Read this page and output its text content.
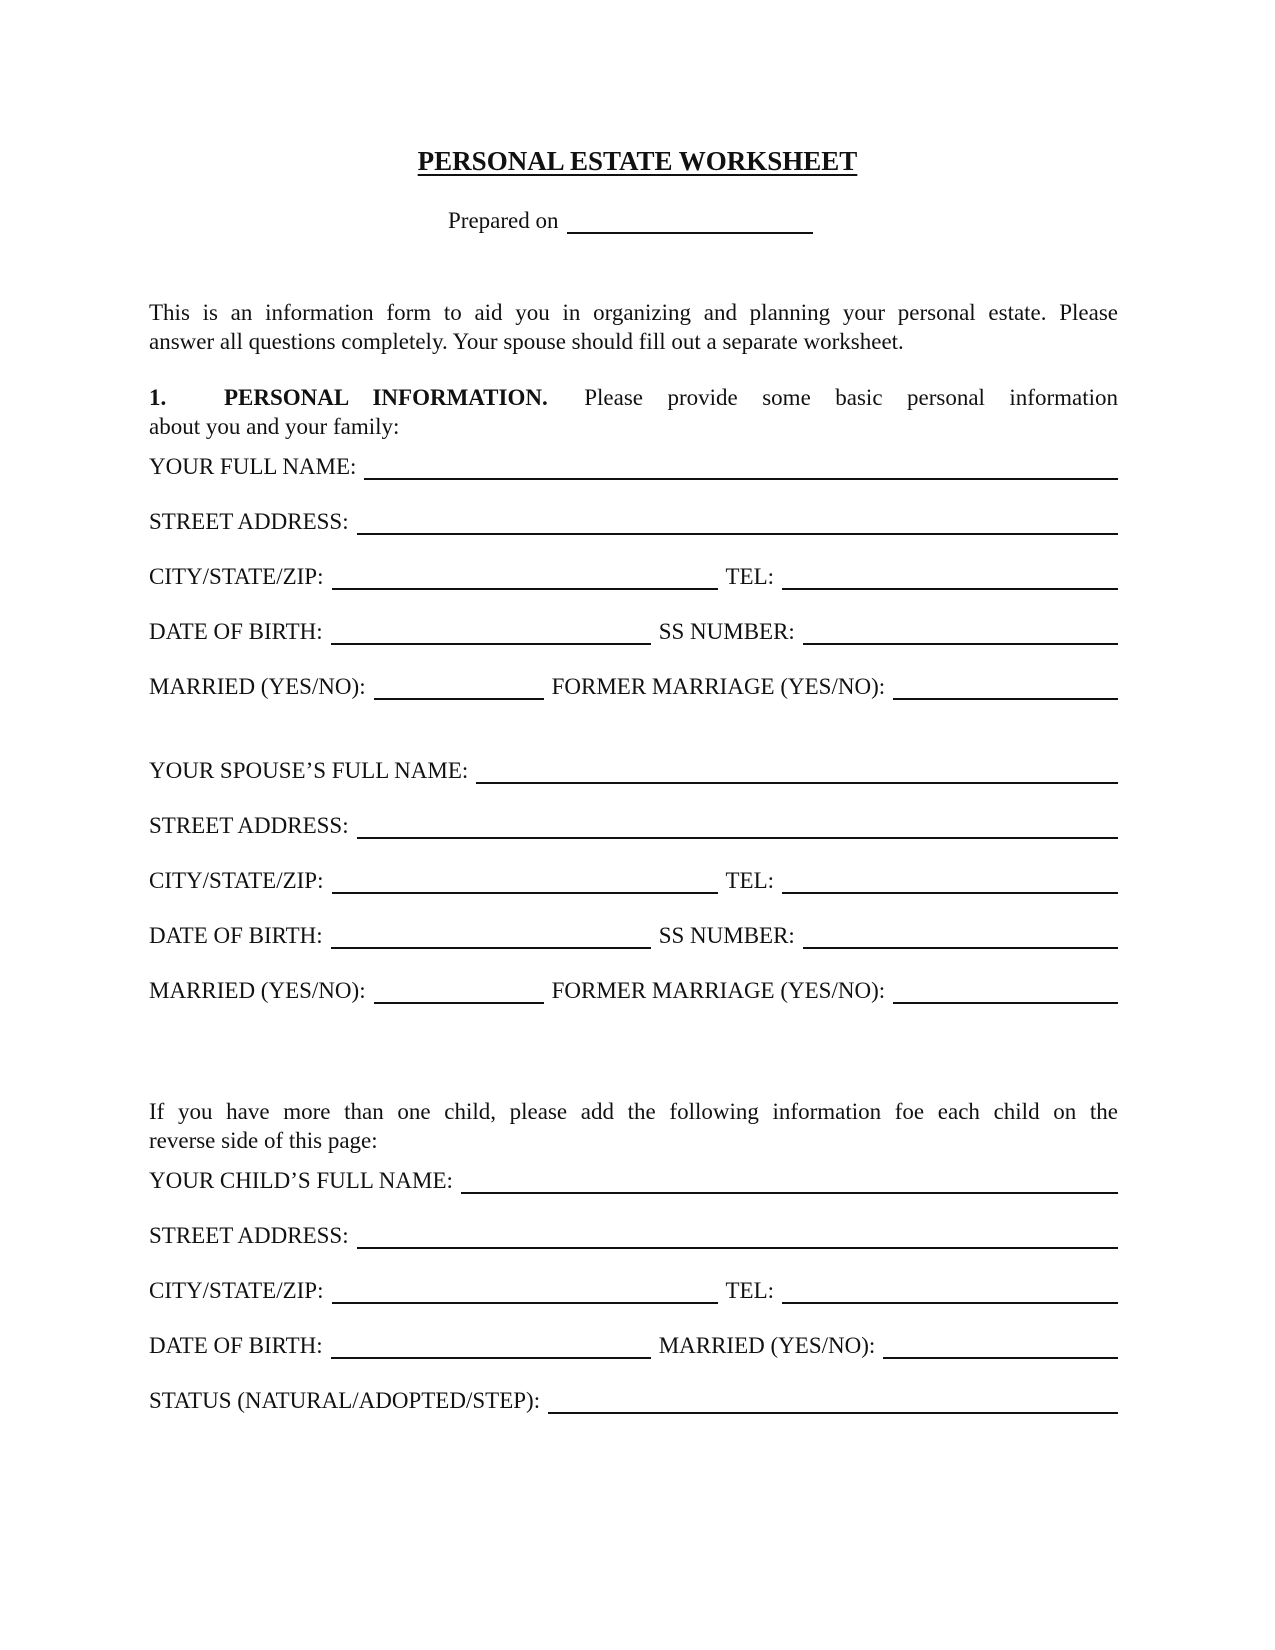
PERSONAL ESTATE WORKSHEET
Prepared on
This is an information form to aid you in organizing and planning your personal estate. Please
answer all questions completely. Your spouse should fill out a separate worksheet.
1.	PERSONAL INFORMATION. Please provide some basic personal information
about you and your family:
YOUR FULL NAME:
STREET ADDRESS:
CITY/STATE/ZIP:	TEL:
DATE OF BIRTH:	SS NUMBER:
MARRIED (YES/NO):	FORMER MARRIAGE (YES/NO):
YOUR SPOUSE’S FULL NAME:
STREET ADDRESS:
CITY/STATE/ZIP:	TEL:
DATE OF BIRTH:	SS NUMBER:
MARRIED (YES/NO):	FORMER MARRIAGE (YES/NO):
If you have more than one child, please add the following information foe each child on the
reverse side of this page:
YOUR CHILD’S FULL NAME:
STREET ADDRESS:
CITY/STATE/ZIP:	TEL:
DATE OF BIRTH:	MARRIED (YES/NO):
STATUS (NATURAL/ADOPTED/STEP):
